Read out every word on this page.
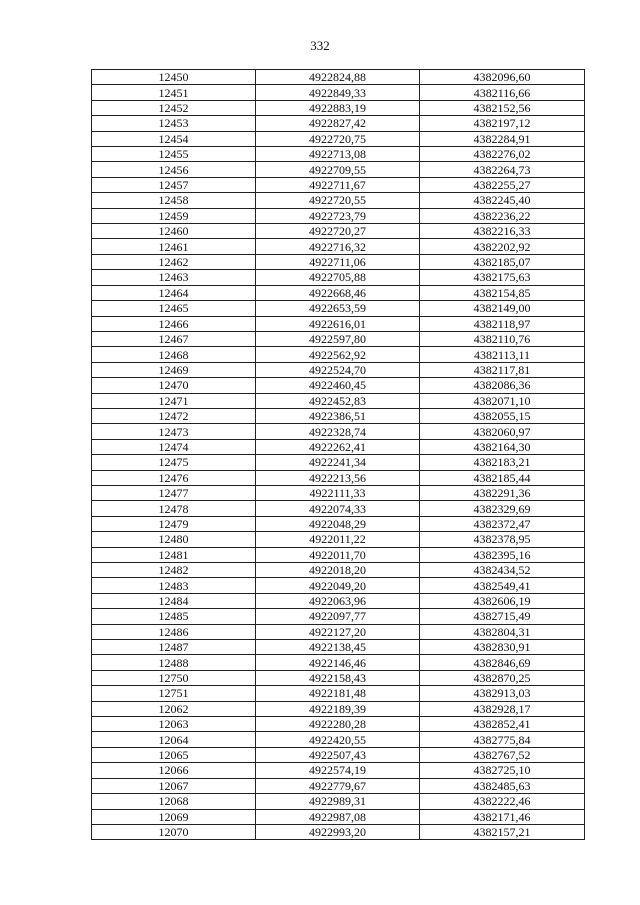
332
12450	4922824,88	4382096,60
12451	4922849,33	4382116,66
12452	4922883,19	4382152,56
12453	4922827,42	4382197,12
12454	4922720,75	4382284,91
12455	4922713,08	4382276,02
12456	4922709,55	4382264,73
12457	4922711,67	4382255,27
12458	4922720,55	4382245,40
12459	4922723,79	4382236,22
12460	4922720,27	4382216,33
12461	4922716,32	4382202,92
12462	4922711,06	4382185,07
12463	4922705,88	4382175,63
12464	4922668,46	4382154,85
12465	4922653,59	4382149,00
12466	4922616,01	4382118,97
12467	4922597,80	4382110,76
12468	4922562,92	4382113,11
12469	4922524,70	4382117,81
12470	4922460,45	4382086,36
12471	4922452,83	4382071,10
12472	4922386,51	4382055,15
12473	4922328,74	4382060,97
12474	4922262,41	4382164,30
12475	4922241,34	4382183,21
12476	4922213,56	4382185,44
12477	4922111,33	4382291,36
12478	4922074,33	4382329,69
12479	4922048,29	4382372,47
12480	4922011,22	4382378,95
12481	4922011,70	4382395,16
12482	4922018,20	4382434,52
12483	4922049,20	4382549,41
12484	4922063,96	4382606,19
12485	4922097,77	4382715,49
12486	4922127,20	4382804,31
12487	4922138,45	4382830,91
12488	4922146,46	4382846,69
12750	4922158,43	4382870,25
12751	4922181,48	4382913,03
12062	4922189,39	4382928,17
12063	4922280,28	4382852,41
12064	4922420,55	4382775,84
12065	4922507,43	4382767,52
12066	4922574,19	4382725,10
12067	4922779,67	4382485,63
12068	4922989,31	4382222,46
12069	4922987,08	4382171,46
12070	4922993,20	4382157,21
